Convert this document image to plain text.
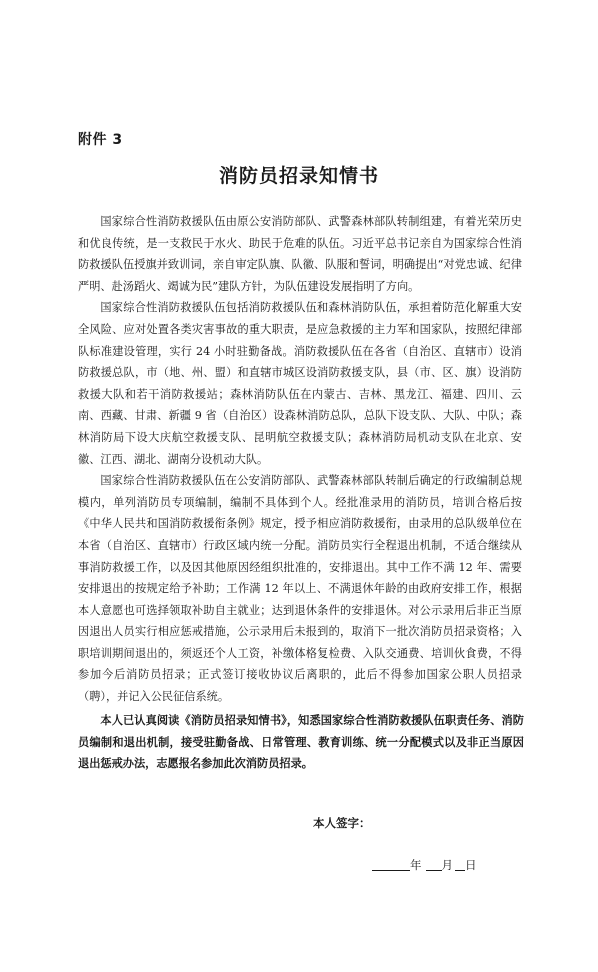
附件 3
消防员招录知情书

国家综合性消防救援队伍由原公安消防部队、武警森林部队转制组建，有着光荣历史和优良传统，是一支救民于水火、助民于危难的队伍。习近平总书记亲自为国家综合性消防救援队伍授旗并致训词，亲自审定队旗、队徽、队服和誓词，明确提出“对党忠诚、纪律严明、赴汤蹈火、竭诚为民”建队方针，为队伍建设发展指明了方向。

国家综合性消防救援队伍包括消防救援队伍和森林消防队伍，承担着防范化解重大安全风险、应对处置各类灾害事故的重大职责，是应急救援的主力军和国家队，按照纪律部队标准建设管理，实行 24 小时驻勤备战。消防救援队伍在各省（自治区、直辖市）设消防救援总队，市（地、州、盟）和直辖市城区设消防救援支队，县（市、区、旗）设消防救援大队和若干消防救援站；森林消防队伍在内蒙古、吉林、黑龙江、福建、四川、云南、西藏、甘肃、新疆 9 省（自治区）设森林消防总队，总队下设支队、大队、中队；森林消防局下设大庆航空救援支队、昆明航空救援支队；森林消防局机动支队在北京、安徽、江西、湖北、湖南分设机动大队。

国家综合性消防救援队伍在公安消防部队、武警森林部队转制后确定的行政编制总规模内，单列消防员专项编制，编制不具体到个人。经批准录用的消防员，培训合格后按《中华人民共和国消防救援衔条例》规定，授予相应消防救援衔，由录用的总队级单位在本省（自治区、直辖市）行政区域内统一分配。消防员实行全程退出机制，不适合继续从事消防救援工作，以及因其他原因经组织批准的，安排退出。其中工作不满 12 年、需要安排退出的按规定给予补助；工作满 12 年以上、不满退休年龄的由政府安排工作，根据本人意愿也可选择领取补助自主就业；达到退休条件的安排退休。对公示录用后非正当原因退出人员实行相应惩戒措施，公示录用后未报到的，取消下一批次消防员招录资格；入职培训期间退出的，须返还个人工资，补缴体格复检费、入队交通费、培训伙食费，不得参加今后消防员招录；正式签订接收协议后离职的，此后不得参加国家公职人员招录（聘），并记入公民征信系统。

本人已认真阅读《消防员招录知情书》，知悉国家综合性消防救援队伍职责任务、消防员编制和退出机制，接受驻勤备战、日常管理、教育训练、统一分配模式以及非正当原因退出惩戒办法，志愿报名参加此次消防员招录。

本人签字：
年 月 日
